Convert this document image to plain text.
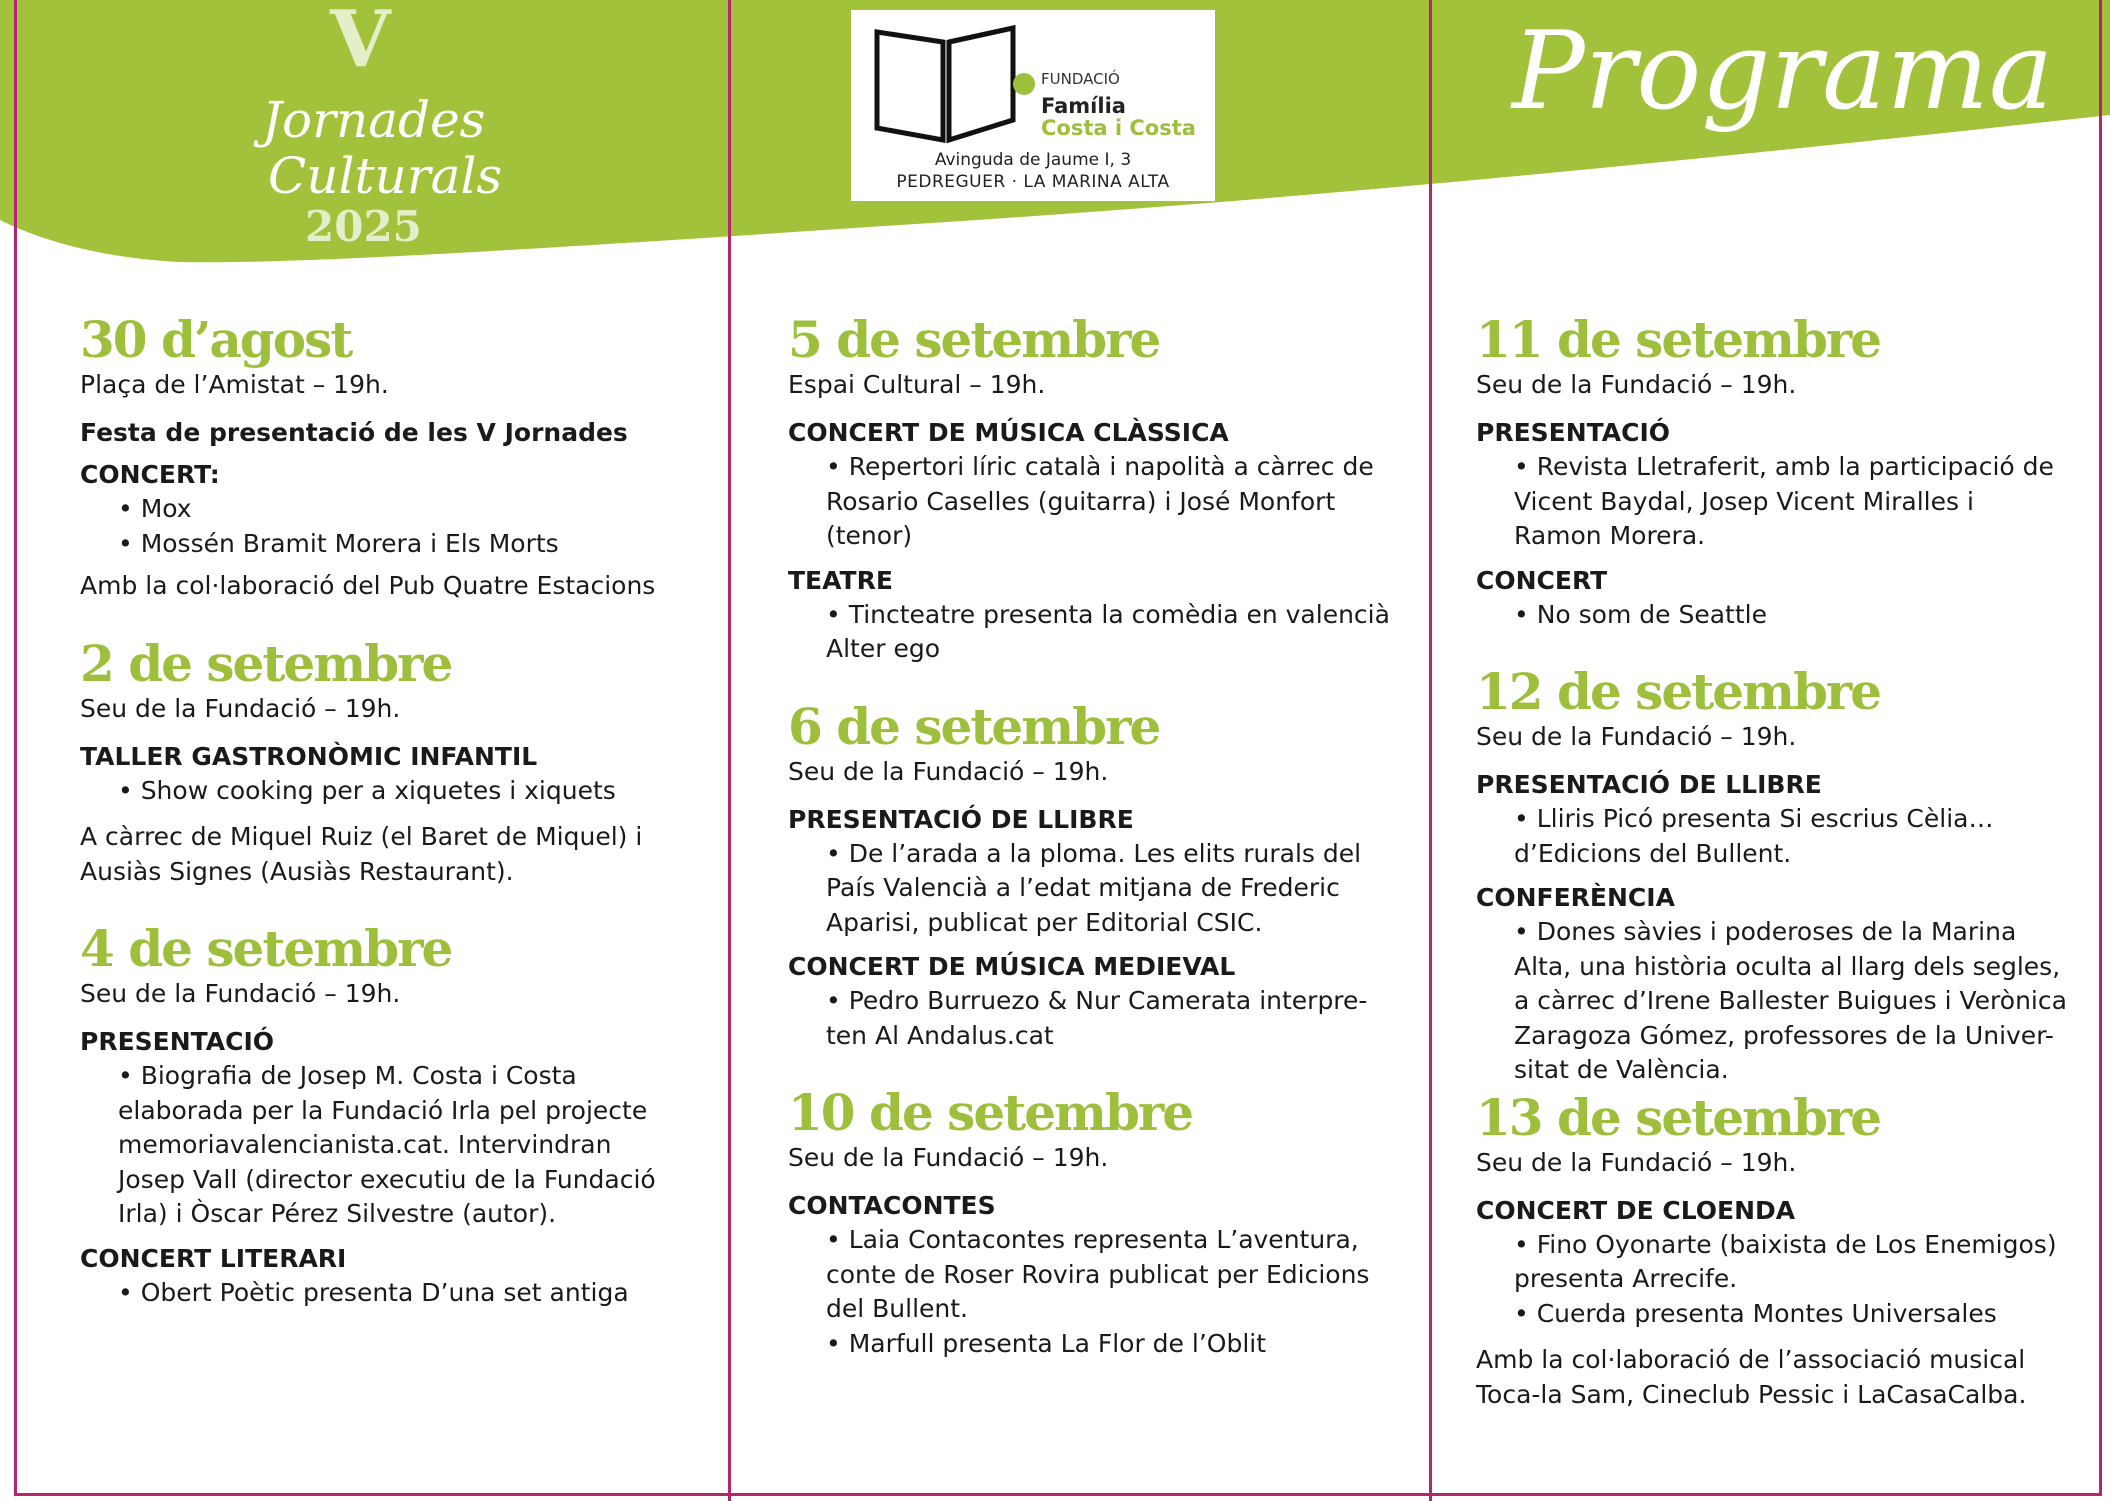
V
Jornades
Culturals
2025
FUNDACIÓ
Família
Costa i Costa
Avinguda de Jaume I, 3
PEDREGUER · LA MARINA ALTA
Programa

30 d’agost

Plaça de l’Amistat – 19h.

Festa de presentació de les V Jornades

CONCERT:

• Mox

• Mossén Bramit Morera i Els Morts

Amb la col·laboració del Pub Quatre Estacions

2 de setembre

Seu de la Fundació – 19h.

TALLER GASTRONÒMIC INFANTIL

• Show cooking per a xiquetes i xiquets

A càrrec de Miquel Ruiz (el Baret de Miquel) i

Ausiàs Signes (Ausiàs Restaurant).

4 de setembre

Seu de la Fundació – 19h.

PRESENTACIÓ

• Biografia de Josep M. Costa i Costa

elaborada per la Fundació Irla pel projecte

memoriavalencianista.cat. Intervindran

Josep Vall (director executiu de la Fundació

Irla) i Òscar Pérez Silvestre (autor).

CONCERT LITERARI

• Obert Poètic presenta D’una set antiga

5 de setembre

Espai Cultural – 19h.

CONCERT DE MÚSICA CLÀSSICA

• Repertori líric català i napolità a càrrec de

Rosario Caselles (guitarra) i José Monfort

(tenor)

TEATRE

• Tincteatre presenta la comèdia en valencià

Alter ego

6 de setembre

Seu de la Fundació – 19h.

PRESENTACIÓ DE LLIBRE

• De l’arada a la ploma. Les elits rurals del

País Valencià a l’edat mitjana de Frederic

Aparisi, publicat per Editorial CSIC.

CONCERT DE MÚSICA MEDIEVAL

• Pedro Burruezo & Nur Camerata interpre-

ten Al Andalus.cat

10 de setembre

Seu de la Fundació – 19h.

CONTACONTES

• Laia Contacontes representa L’aventura,

conte de Roser Rovira publicat per Edicions

del Bullent.

• Marfull presenta La Flor de l’Oblit

11 de setembre

Seu de la Fundació – 19h.

PRESENTACIÓ

• Revista Lletraferit, amb la participació de

Vicent Baydal, Josep Vicent Miralles i

Ramon Morera.

CONCERT

• No som de Seattle

12 de setembre

Seu de la Fundació – 19h.

PRESENTACIÓ DE LLIBRE

• Lliris Picó presenta Si escrius Cèlia…

d’Edicions del Bullent.

CONFERÈNCIA

• Dones sàvies i poderoses de la Marina

Alta, una història oculta al llarg dels segles,

a càrrec d’Irene Ballester Buigues i Verònica

Zaragoza Gómez, professores de la Univer-

sitat de València.

13 de setembre

Seu de la Fundació – 19h.

CONCERT DE CLOENDA

• Fino Oyonarte (baixista de Los Enemigos)

presenta Arrecife.

• Cuerda presenta Montes Universales

Amb la col·laboració de l’associació musical

Toca-la Sam, Cineclub Pessic i LaCasaCalba.
